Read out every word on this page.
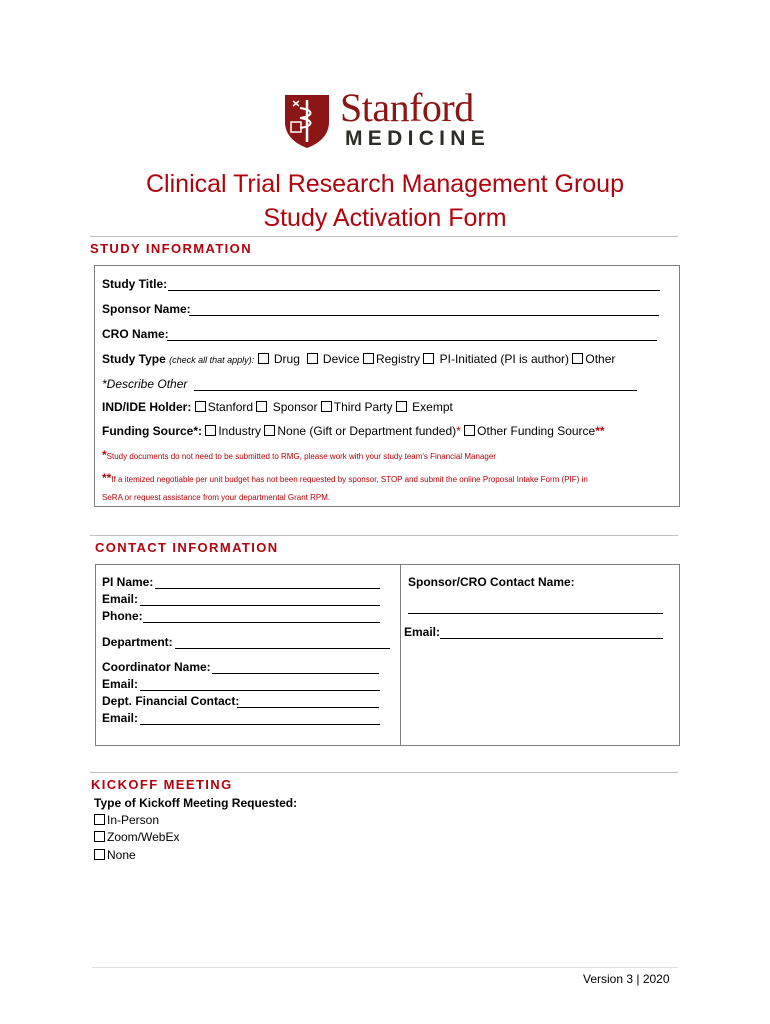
Stanford
MEDICINE
Clinical Trial Research Management Group
Study Activation Form
STUDY INFORMATION
Study Title:
Sponsor Name:
CRO Name:
Study Type (check all that apply): Drug Device Registry PI-Initiated (PI is author) Other
*Describe Other
IND/IDE Holder: Stanford Sponsor Third Party Exempt
Funding Source*: Industry None (Gift or Department funded)* Other Funding Source**
*Study documents do not need to be submitted to RMG, please work with your study team's Financial Manager
**If a itemized negotiable per unit budget has not been requested by sponsor, STOP and submit the online Proposal Intake Form (PIF) in
SeRA or request assistance from your departmental Grant RPM.
CONTACT INFORMATION
PI Name:
Email:
Phone:
Department:
Coordinator Name:
Email:
Dept. Financial Contact:
Email:
Sponsor/CRO Contact Name:
Email:
KICKOFF MEETING
Type of Kickoff Meeting Requested:
In-Person
Zoom/WebEx
None
Version 3 | 2020
